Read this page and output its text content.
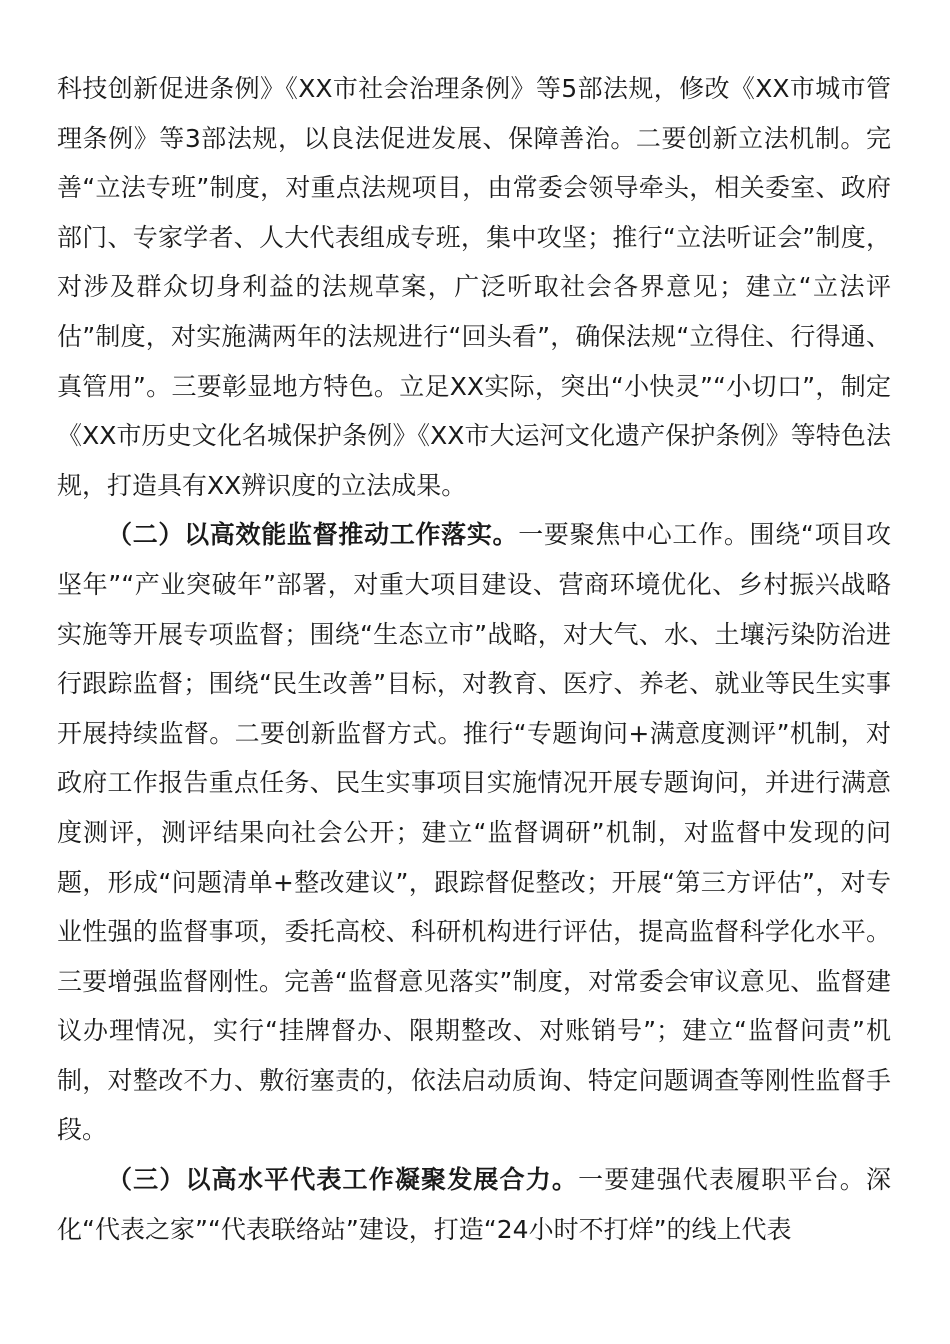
科技创新促进条例》《XX市社会治理条例》等5部法规，修改《XX市城市管理条例》等3部法规，以良法促进发展、保障善治。二要创新立法机制。完善“立法专班”制度，对重点法规项目，由常委会领导牵头，相关委室、政府部门、专家学者、人大代表组成专班，集中攻坚；推行“立法听证会”制度，对涉及群众切身利益的法规草案，广泛听取社会各界意见；建立“立法评估”制度，对实施满两年的法规进行“回头看”，确保法规“立得住、行得通、真管用”。三要彰显地方特色。立足XX实际，突出“小快灵”“小切口”，制定《XX市历史文化名城保护条例》《XX市大运河文化遗产保护条例》等特色法规，打造具有XX辨识度的立法成果。

（二）以高效能监督推动工作落实。一要聚焦中心工作。围绕“项目攻坚年”“产业突破年”部署，对重大项目建设、营商环境优化、乡村振兴战略实施等开展专项监督；围绕“生态立市”战略，对大气、水、土壤污染防治进行跟踪监督；围绕“民生改善”目标，对教育、医疗、养老、就业等民生实事开展持续监督。二要创新监督方式。推行“专题询问+满意度测评”机制，对政府工作报告重点任务、民生实事项目实施情况开展专题询问，并进行满意度测评，测评结果向社会公开；建立“监督调研”机制，对监督中发现的问题，形成“问题清单+整改建议”，跟踪督促整改；开展“第三方评估”，对专业性强的监督事项，委托高校、科研机构进行评估，提高监督科学化水平。三要增强监督刚性。完善“监督意见落实”制度，对常委会审议意见、监督建议办理情况，实行“挂牌督办、限期整改、对账销号”；建立“监督问责”机制，对整改不力、敷衍塞责的，依法启动质询、特定问题调查等刚性监督手段。

（三）以高水平代表工作凝聚发展合力。一要建强代表履职平台。深化“代表之家”“代表联络站”建设，打造“24小时不打烊”的线上代表
